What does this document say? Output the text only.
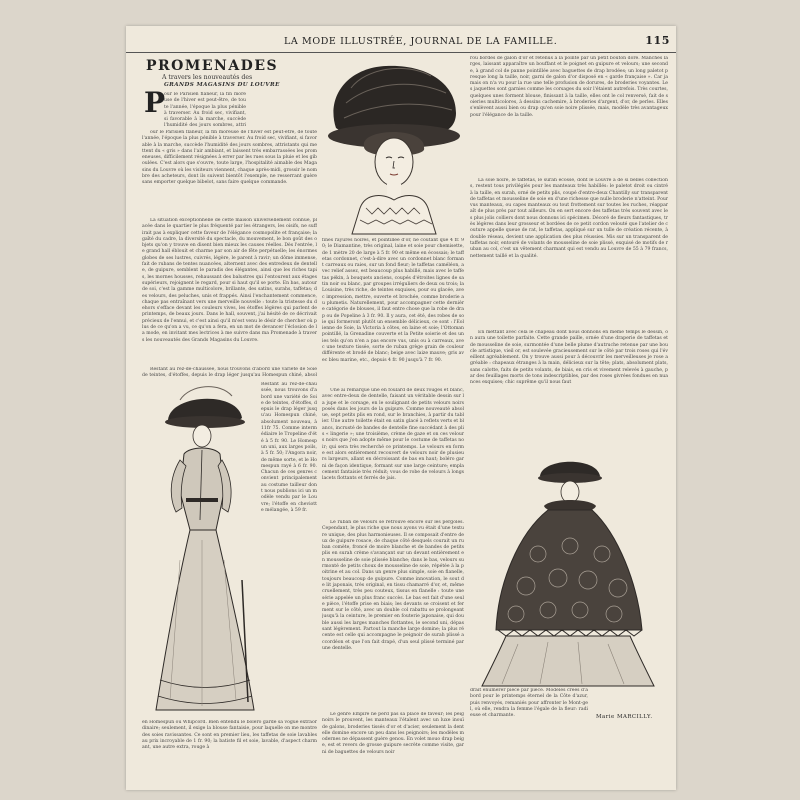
LA MODE ILLUSTRÉE, JOURNAL DE LA FAMILLE.	115
PROMENADES
A travers les nouveautés des
GRANDS MAGASINS DU LOUVRE
P
our le Parisien flâneur, la fin moreuse de l'hiver est peut-être, de toute l'année, l'époque la plus pénible à traverser. Au froid sec, vivifiant, si favorable à la marche, succède l'humidité des jours sombres, attri
our le Parisien flâneur, la fin moreuse de l'hiver est peut-être, de toute l'année, l'époque la plus pénible à traverser. Au froid sec, vivifiant, si favorable à la marche, succède l'humidité des jours sombres, attristants qui mettent du « gris » dans l'air ambiant, et laissent très embarrassées les promeneuses, difficilement résignées à errer par les rues sous la pluie et les giboulées. C'est alors que s'ouvre, toute large, l'hospitalité aimable des Magasins du Louvre où les visiteurs viennent, chaque après-midi, grossir le nombre des acheteurs, dont ils suivent bientôt l'exemple, ne resserrant guère sans emporter quelque bibelot, sans faire quelque commande.
La situation exceptionnelle de cette maison universellement connue, placée dans le quartier le plus fréquenté par les étrangers, les oisifs, ne suffirait pas à expliquer cette faveur de l'élégance cosmopolite et française; la gaîté du cadre, la diversité du spectacle, du mouvement, le bon goût des objets qu'on y trouve en disent bien mieux les causes réelles. Dès l'entrée, le grand hall éblouit et charme par son air de fête perpétuelle; les énormes globes de ses lustres, cuivrés, légère, le parent à ravir; un dôme immense, fait de rubans de tentes nuancées, alternent avec des entredeux de dentelle, de guipure, semblent le paradis des élégantes, ainsi que les riches tapis, les mornes housses, rehaussant des balustres qui l'entourent aux étages supérieurs, rejoignent le regard, pour si haut qu'il se porte. En bas, autour de soi, c'est la gamme multicolore, brillante, des satins, surahs, taffetas; des velours, des peluches, unis et frappés. Ainsi l'enchantement commence, chaque pas entraînant vers une merveille nouvelle : toute la tristesse du dehors s'efface devant les couleurs vives, les étoffes légères qui parlent de printemps, de beaux jours. Dans le hall, souvent, j'ai hésité de ce décrivait précieux de l'ennui, et c'est ainsi qu'il m'est venu le désir de chercher où plus de ce qu'on a vu, ce qu'on a fera, en un mot de devancer l'éclosion de la mode, en invitant mes lectrices à me suivre dans ma Promenade à travers les nouveautés des Grands Magasins du Louvre.
Restant au rez-de-chaussée, nous trouvons d'abord une variété de Soie de teintes, d'étoffes, depuis le drap léger jusqu'au Homespun chiné, absol
Restant au rez-de-chaussée, nous trouvons d'abord une variété de Soie de teintes, d'étoffes, depuis le drap léger jusqu'au Homespun chiné, absolument nouveau, à 11fr 75. Comme intermédiaire le Tropeline d'été à 5 fr. 90. Le Homespun uni, aux larges poils, à 5 fr. 50; l'Angora noir, de même sorte, et le Homespun rayé à 6 fr. 90. Chacun de ces genres convient principalement au costume tailleur dont nous publions ici un modèle vendu par le Louvre; l'étoffe en cheviotte mélangée, à 59 fr.
en Homespun ou Whipcord. Bien entendu le boléro garde sa vogue extraordinaire; seulement, il exige la blouse fantaisie, pour laquelle on me montre des soies ravissantes. Ce sont en premier lieu, les taffetas de soie lavables au prix incroyable de 1 fr. 90; la batiste fil et soie, lavable, d'aspect charmant, une autre extra, rouge à
fines rayures noires, et pointillée d'or, ne coûtant que 4 fr. 90; le Diamantine, très original, laine et soie pour chemisette, de 1 mètre 20 de large à 5 fr. 90 et même en écossais; le taffetas cordonnet, c'est-à-dire avec un cordonnet blanc formant carreaux ou raies, sur un fond fleur; le taffetas caméléon, avec relief assez, est beaucoup plus habillé, mais avec le taffetas pékin, à bouquets anciens, coupés d'étroites lignes de satin noir ou blanc, par groupes irréguliers de deux ou trois; la Louisine, très riche, de teintes exquises, pour ou glacée, avec impression, mettre, ouverte et brochée, comme broderie au plumetis. Naturellement, pour accompagner cette dernière catégorie de blouses, il faut entre chose que la robe de drap ou de Popeline à 3 fr. 90. Il y aura, cet été, des robes de soie qui formeront plutôt un ensemble délicieux, ce sont : l'Eolienne de Soie, la Victoria à côtes, en laine et soie; l'Ottoman pointillé, la Grenadine couverte et la Petite soierie et des unies tels qu'on n'en a pas encore vus, unis ou à carreaux, avec une texture tissée, sorte de ruban grège grain de couleur différente et brodé de blanc; beige avec laize mauve; gris avec bleu marine, etc., depuis 4 fr. 90 jusqu'à 7 fr. 90.
Une ai remarqué une en foulard de deux rouges et blanc, avec entre-deux de dentelle, faisant un véritable dessin sur la jupe et le corsage, en le soulignant de petits velours noirs posés dans les jours de la guipure. Comme nouveauté absolue, sept petits plis en rond, sur le branchies, à partir du tablier. Une autre toilette était en satin glacé à reflets verts et blancs, incrusté de bandes de dentelle fine succédant à des plis « lingerie »; une troisième, crème de gaze et on ces velours noirs que j'en adopte même pour le costume de taffetas noir; qui sera très recherché ce printemps. Le velours en forme est alors entièrement recouvert de velours noir de plusieurs largeurs, allant en décroissant de bas en haut; boléro garni de façon identique, formant sur une large ceinture; emplacement fantaisie très réduit; vous de robe de velours à longs lacets flottants et ferrés de jais.
Le ruban de velours se retrouve encore sur les pergoles. Cependant, le plus riche que nous ayons vu était d'une texture unique, des plus harmonieuses. Il se composait d'entre deux de guipure rosace, de chaque côté desquels courait un ruban comète, froncé de moire blanche et de bandes de petits plis en surah crème s'avançant sur un devant entièrement en mousseline de soie plissée blanche; dans le bas, velours surmonté de petits choux de mousseline de soie, répétée à la poitrine et au col. Dans un genre plus simple, soie en flanelle, toujours beaucoup de guipure. Comme innovation, le sout de lit japonais, très original, en tissu chamarré d'or, et, même cruellement, très peu couteux, tissus en flanelle : toute une série appelée un plus franc succès. Le bas est fait d'une seule pièce, l'étoffe prise en biais; les devants se croisent et ferment sur le côté, avec un double col rabattu se prolongeant jusqu'à la ceinture, le premier en fouterie japonaise, qui double aussi les larges manches flottantes, le second uni, dépassant légèrement. Partout la manche large domine; la plus récente est celle qui accompagne le peignoir de surah plissé accordéon et que l'on fait drapé, d'un seul plissé terminé par une dentelle.
Le genre Empire ne perd pas sa place de faveur; les peignoirs le prouvent, les manteaux l'étalent avec un luxe inouï de galons, broderies tissés d'or et d'acier, seulement la dentelle domine encore un peu dans les peignoirs; les modèles modernes ne dépassent guère genou. En volet mouo drap beige, est et revers de grosse guipure secrète comme visite, garni de baguettes de velours noir
rou bordés de galon d'or et retenus à la pointe par un petit bouton doré. Manches larges, laissant apparaître un bouffant et le poignet en guipure et velours; une seconde, à grand col de panne pointillée avec baguettes de drap brodées; un long paletot presque long la taille, noir, garni de galon d'or disposé en « garde française ». Car jamais on n'a vu pour la rue une telle profusion de dorures, de broderies voyantes. Les jaquettes sont garnies comme les corsages du soir l'étaient autrefois. Très courtes, quelques unes forment blouse, finissant à la taille, elles ont le col renversé, fait de soieries multicolores, à dessins cachemire, à broderies d'argent, d'or, de perles. Elles s'enlèvent aussi bien ou drap qu'en soie noire plissée, mais, modèle très avantageux pour l'élégance de la taille.
La soie noire, le taffetas, le surah écossé, dont le Louvre a de si belles collections, restent tous privilégiés pour les manteaux très habillés: le paletot droit ou cintré à la taille, en surah, orné de petits plis, coupé d'entre-deux Chantilly sur transparent de taffetas et mousseline de soie en d'une richesse que nulle broderie n'atteint. Pourvus manteaux, ou capes manteaux ou tout frottement sur toutes les ruches, réapparaît de plus près par tout ailleurs. On en sert encore des taffetas très souvent avec les plus jolis colliers dont nous donnons ici spécimen. Décoré de fleurs fantastiques, très légères dans leur grosseur et bordées de ce petit cordon velouté que l'atelier de couture appelle queue de rat, le taffetas, appliqué sur un tulle de création récente, à double réseau, devient une application des plus réussies. Mis sur un transparent de taffetas noir, entouré de volants de mousseline de soie plissé, exquisé de motifs de ruban au col, c'est un vêtement charmant qui est vendu au Louvre de 55 à 79 francs, nettement taillé et la qualité.
En mettant avec cela le chapeau dont nous donnons en même temps le dessin, on aura une toilette parfaite. Cette grande paille, ornée d'une draperie de taffetas et de mousseline de soie, surmontée d'une belle plume d'autruche retenue par une boucle artistique, vieil or, est soulevée gracieusement sur le côté par trois roses qui l'éveillent agréablement. On y trouve aussi pour à découvrir les merveilleuses je rose agréable : chapeaux étranges à la main, délicieux sur la tête; plats, absolument plats, sans calotte, faits de petits volants, de biais, en cris et vivement relevés à gauche, par des feuillages morts de tons indescriptibles, par des roses givrées fondues en nuances exquises; chic suprême qu'il nous faut
drait énumérer pièce par pièce. Modèles créés d'abord pour le printemps éternel de la Côte d'azur, puis renvoyés, remaniés pour affronter le Mont-gel, où elle, rendra la femme l'égale de la fleur: radieuse et charmante.	Marie MARCILLY.
